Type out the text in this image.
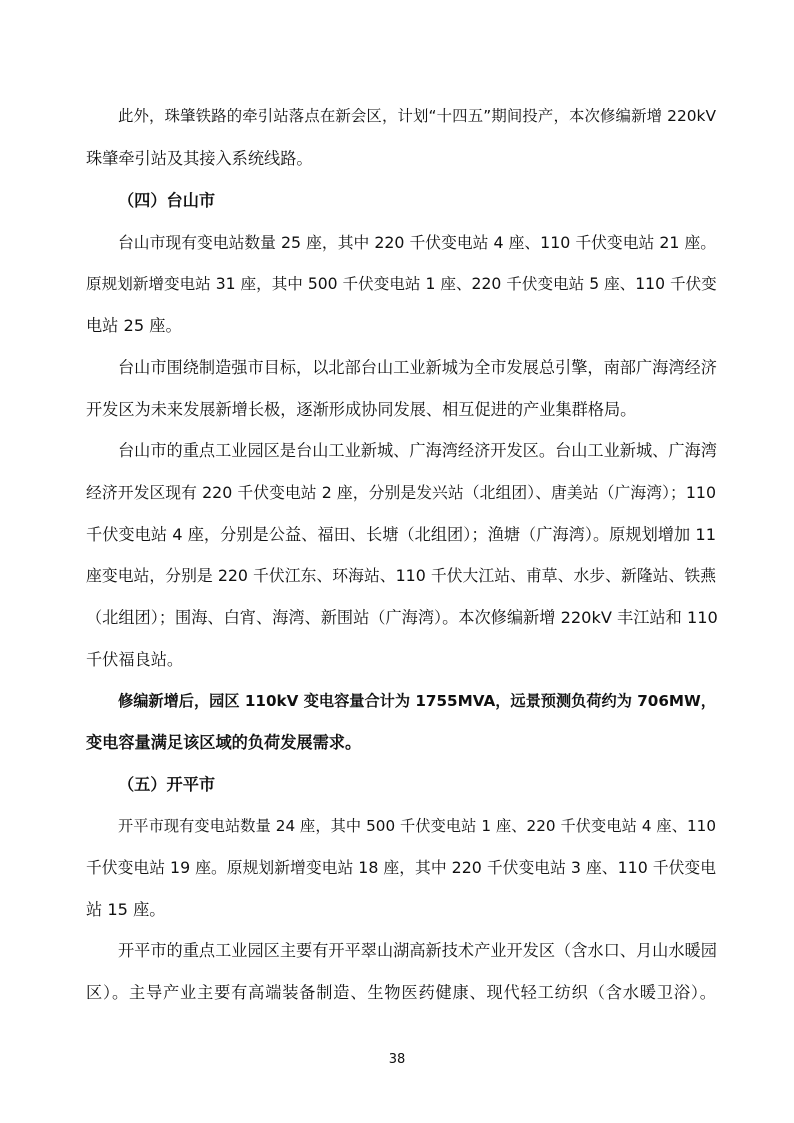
此外，珠肇铁路的牵引站落点在新会区，计划“十四五”期间投产，本次修编新增 220kV
珠肇牵引站及其接入系统线路。
（四）台山市
台山市现有变电站数量 25 座，其中 220 千伏变电站 4 座、110 千伏变电站 21 座。
原规划新增变电站 31 座，其中 500 千伏变电站 1 座、220 千伏变电站 5 座、110 千伏变
电站 25 座。
台山市围绕制造强市目标，以北部台山工业新城为全市发展总引擎，南部广海湾经济
开发区为未来发展新增长极，逐渐形成协同发展、相互促进的产业集群格局。
台山市的重点工业园区是台山工业新城、广海湾经济开发区。台山工业新城、广海湾
经济开发区现有 220 千伏变电站 2 座，分别是发兴站（北组团）、唐美站（广海湾）；110
千伏变电站 4 座，分别是公益、福田、长塘（北组团）；渔塘（广海湾）。原规划增加 11
座变电站，分别是 220 千伏江东、环海站、110 千伏大江站、甫草、水步、新隆站、铁燕
（北组团）；围海、白宵、海湾、新围站（广海湾）。本次修编新增 220kV 丰江站和 110
千伏福良站。
修编新增后，园区 110kV 变电容量合计为 1755MVA，远景预测负荷约为 706MW，
变电容量满足该区域的负荷发展需求。
（五）开平市
开平市现有变电站数量 24 座，其中 500 千伏变电站 1 座、220 千伏变电站 4 座、110
千伏变电站 19 座。原规划新增变电站 18 座，其中 220 千伏变电站 3 座、110 千伏变电
站 15 座。
开平市的重点工业园区主要有开平翠山湖高新技术产业开发区（含水口、月山水暖园
区）。主导产业主要有高端装备制造、生物医药健康、现代轻工纺织（含水暖卫浴）。
38
